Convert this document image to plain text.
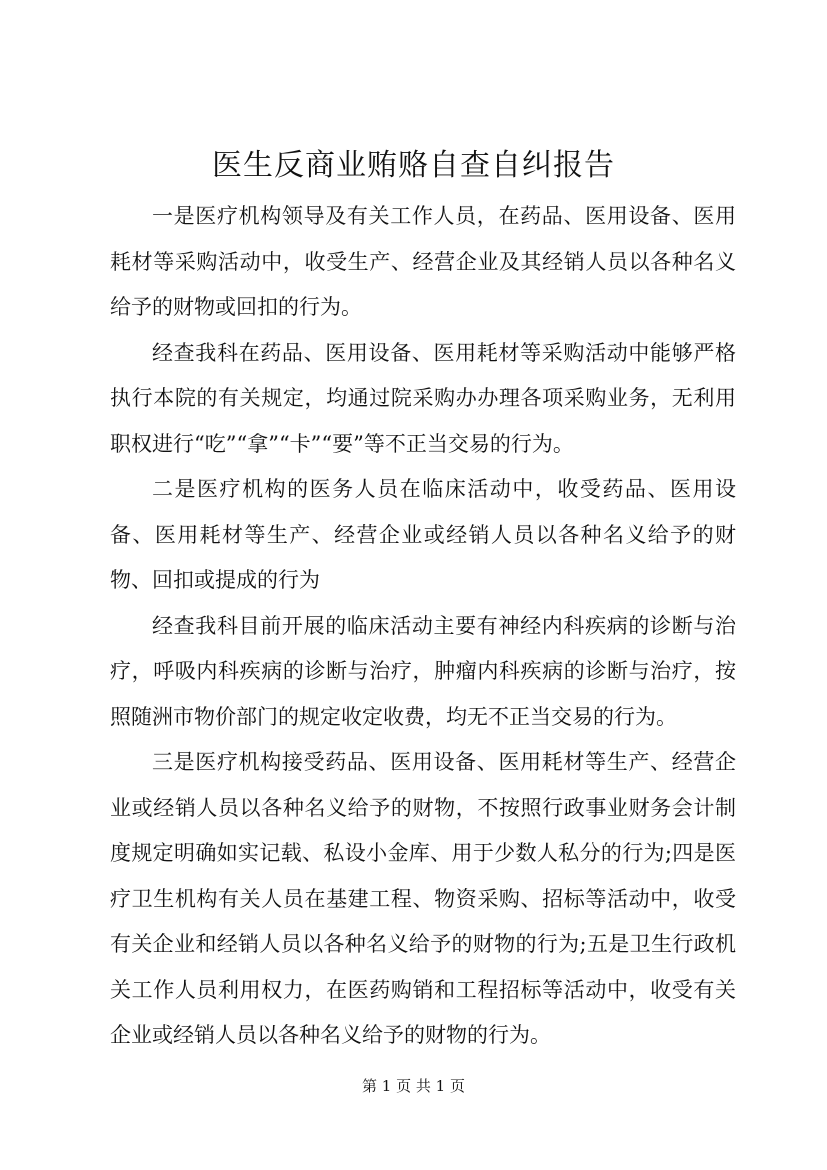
医生反商业贿赂自查自纠报告

一是医疗机构领导及有关工作人员，在药品、医用设备、医用耗材等采购活动中，收受生产、经营企业及其经销人员以各种名义给予的财物或回扣的行为。

经查我科在药品、医用设备、医用耗材等采购活动中能够严格执行本院的有关规定，均通过院采购办办理各项采购业务，无利用职权进行“吃”“拿”“卡”“要”等不正当交易的行为。

二是医疗机构的医务人员在临床活动中，收受药品、医用设备、医用耗材等生产、经营企业或经销人员以各种名义给予的财物、回扣或提成的行为

经查我科目前开展的临床活动主要有神经内科疾病的诊断与治疗，呼吸内科疾病的诊断与治疗，肿瘤内科疾病的诊断与治疗，按照随洲市物价部门的规定收定收费，均无不正当交易的行为。

三是医疗机构接受药品、医用设备、医用耗材等生产、经营企业或经销人员以各种名义给予的财物，不按照行政事业财务会计制度规定明确如实记载、私设小金库、用于少数人私分的行为;四是医疗卫生机构有关人员在基建工程、物资采购、招标等活动中，收受有关企业和经销人员以各种名义给予的财物的行为;五是卫生行政机关工作人员利用权力，在医药购销和工程招标等活动中，收受有关企业或经销人员以各种名义给予的财物的行为。

第 1 页 共 1 页
